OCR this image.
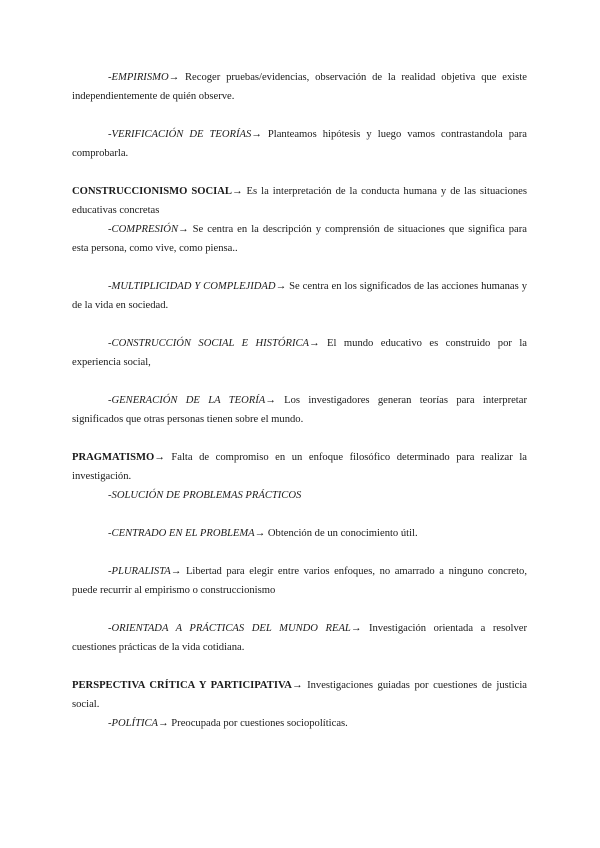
-EMPIRISMO→ Recoger pruebas/evidencias, observación de la realidad objetiva que existe independientemente de quién observe.

-VERIFICACIÓN DE TEORÍAS→ Planteamos hipótesis y luego vamos contrastandola para comprobarla.

CONSTRUCCIONISMO SOCIAL→ Es la interpretación de la conducta humana y de las situaciones educativas concretas

-COMPRESIÓN→ Se centra en la descripción y comprensión de situaciones que significa para esta persona, como vive, como piensa..

-MULTIPLICIDAD Y COMPLEJIDAD→ Se centra en los significados de las acciones humanas y de la vida en sociedad.

-CONSTRUCCIÓN SOCIAL E HISTÓRICA→ El mundo educativo es construido por la experiencia social,

-GENERACIÓN DE LA TEORÍA→ Los investigadores generan teorías para interpretar significados que otras personas tienen sobre el mundo.

PRAGMATISMO→ Falta de compromiso en un enfoque filosófico determinado para realizar la investigación.

-SOLUCIÓN DE PROBLEMAS PRÁCTICOS

-CENTRADO EN EL PROBLEMA→ Obtención de un conocimiento útil.

-PLURALISTA→ Libertad para elegir entre varios enfoques, no amarrado a ninguno concreto, puede recurrir al empirismo o construccionismo

-ORIENTADA A PRÁCTICAS DEL MUNDO REAL→ Investigación orientada a resolver cuestiones prácticas de la vida cotidiana.

PERSPECTIVA CRÍTICA Y PARTICIPATIVA→ Investigaciones guiadas por cuestiones de justicia social.

-POLÍTICA→ Preocupada por cuestiones sociopolíticas.
